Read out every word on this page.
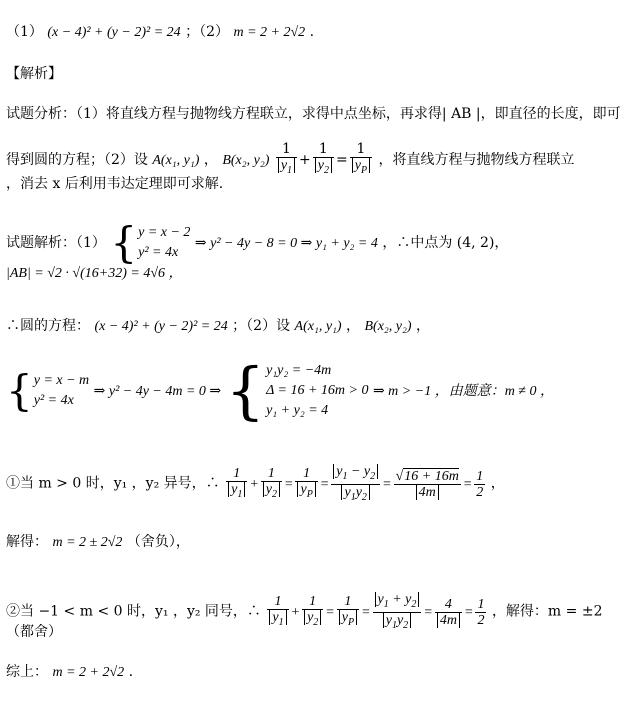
（1） (x − 4)² + (y − 2)² = 24 ；（2） m = 2 + 2√2 .
【解析】
试题分析：（1）将直线方程与抛物线方程联立，求得中点坐标，再求得| AB |，即直径的长度，即可
得到圆的方程；（2）设 A(x₁, y₁) ， B(x₂, $y_2) \frac{1}{y_1} + \frac{1}{y_2} = \frac{1}{y_P}$ ，将直线方程与抛物线方程联立
，消去 x 后利用韦达定理即可求解.
试题解析：（1） { y = x − 2
y² = 4x
⇒ y² − 4y − 8 = 0 ⇒ y₁ + y₂ = 4 ，∴中点为 (4, 2)，
|AB| = √2 · √(16+32) = 4√6 ，
∴圆的方程： (x − 4)² + (y − 2)² = 24 ；（2）设 A(x₁, y₁) ， B(x₂, y₂) ，
{ y = x − m
y² = 4x
⇒ y² − 4y − 4m = 0 ⇒ { y₁y₂ = −4m
Δ = 16 + 16m > 0
y₁ + y₂ = 4
⇒ m > −1 ，由题意：m ≠ 0 ，
①当 m > 0 时，y₁ ，y₂ 异号，∴ $\frac{1}{y_1} + \frac{1}{y_2} = \frac{1}{y_P} = \frac{y_1 - y_2}{y_1y_2} = \frac{√16 + 16m}{4m} = \frac{1}{2}$ ，
解得： m = 2 ± 2√2 （舍负），
②当 −1 < m < 0 时，y₁ ，y₂ 同号，∴ $\frac{1}{y_1} + \frac{1}{y_2} = \frac{1}{y_P} = \frac{y_1 + y_2}{y_1y_2} = \frac{4}{4m} = \frac{1}{2}$ ，解得：m = ±2
（都舍）
综上： m = 2 + 2√2 .
